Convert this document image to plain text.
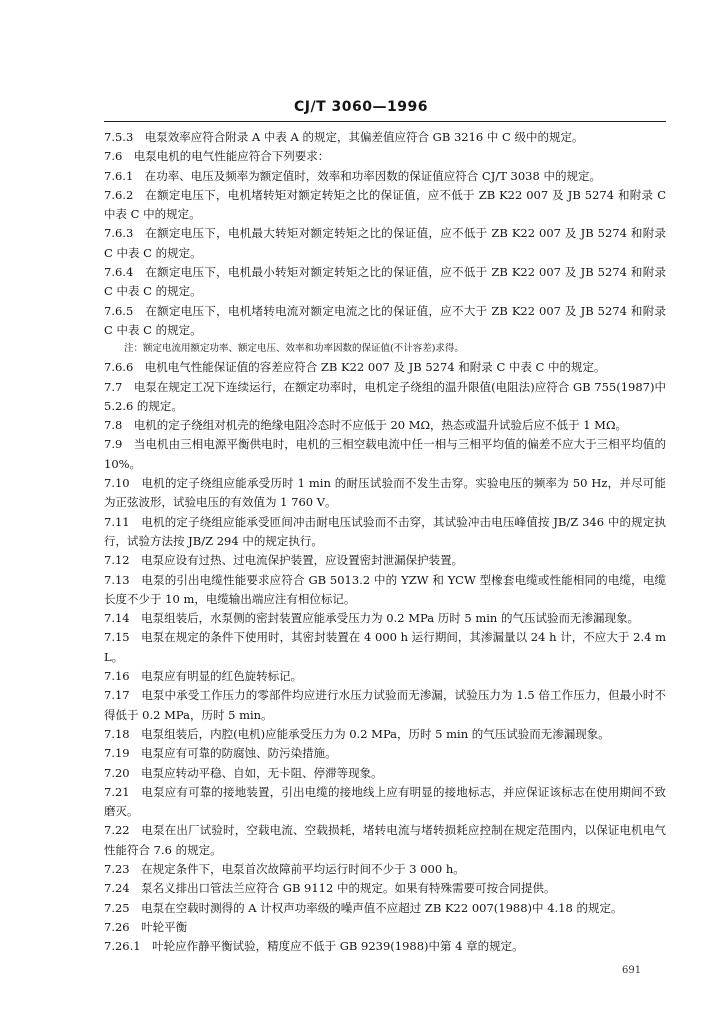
CJ/T 3060—1996

7.5.3　电泵效率应符合附录 A 中表 A 的规定，其偏差值应符合 GB 3216 中 C 级中的规定。

7.6　电泵电机的电气性能应符合下列要求：

7.6.1　在功率、电压及频率为额定值时，效率和功率因数的保证值应符合 CJ/T 3038 中的规定。

7.6.2　在额定电压下，电机堵转矩对额定转矩之比的保证值，应不低于 ZB K22 007 及 JB 5274 和附录 C 中表 C 中的规定。

7.6.3　在额定电压下，电机最大转矩对额定转矩之比的保证值，应不低于 ZB K22 007 及 JB 5274 和附录 C 中表 C 的规定。

7.6.4　在额定电压下，电机最小转矩对额定转矩之比的保证值，应不低于 ZB K22 007 及 JB 5274 和附录 C 中表 C 的规定。

7.6.5　在额定电压下，电机堵转电流对额定电流之比的保证值，应不大于 ZB K22 007 及 JB 5274 和附录 C 中表 C 的规定。

注：额定电流用额定功率、额定电压、效率和功率因数的保证值(不计容差)求得。

7.6.6　电机电气性能保证值的容差应符合 ZB K22 007 及 JB 5274 和附录 C 中表 C 中的规定。

7.7　电泵在规定工况下连续运行，在额定功率时，电机定子绕组的温升限值(电阻法)应符合 GB 755(1987)中 5.2.6 的规定。

7.8　电机的定子绕组对机壳的绝缘电阻冷态时不应低于 20 MΩ，热态或温升试验后应不低于 1 MΩ。

7.9　当电机由三相电源平衡供电时，电机的三相空载电流中任一相与三相平均值的偏差不应大于三相平均值的 10%。

7.10　电机的定子绕组应能承受历时 1 min 的耐压试验而不发生击穿。实验电压的频率为 50 Hz，并尽可能为正弦波形，试验电压的有效值为 1 760 V。

7.11　电机的定子绕组应能承受匝间冲击耐电压试验而不击穿，其试验冲击电压峰值按 JB/Z 346 中的规定执行，试验方法按 JB/Z 294 中的规定执行。

7.12　电泵应设有过热、过电流保护装置，应设置密封泄漏保护装置。

7.13　电泵的引出电缆性能要求应符合 GB 5013.2 中的 YZW 和 YCW 型橡套电缆或性能相同的电缆，电缆长度不少于 10 m，电缆输出端应注有相位标记。

7.14　电泵组装后，水泵侧的密封装置应能承受压力为 0.2 MPa 历时 5 min 的气压试验而无渗漏现象。

7.15　电泵在规定的条件下使用时，其密封装置在 4 000 h 运行期间，其渗漏量以 24 h 计，不应大于 2.4 mL。

7.16　电泵应有明显的红色旋转标记。

7.17　电泵中承受工作压力的零部件均应进行水压力试验而无渗漏，试验压力为 1.5 倍工作压力，但最小时不得低于 0.2 MPa，历时 5 min。

7.18　电泵组装后，内腔(电机)应能承受压力为 0.2 MPa，历时 5 min 的气压试验而无渗漏现象。

7.19　电泵应有可靠的防腐蚀、防污染措施。

7.20　电泵应转动平稳、自如，无卡阻、停滞等现象。

7.21　电泵应有可靠的接地装置，引出电缆的接地线上应有明显的接地标志，并应保证该标志在使用期间不致磨灭。

7.22　电泵在出厂试验时，空载电流、空载损耗，堵转电流与堵转损耗应控制在规定范围内，以保证电机电气性能符合 7.6 的规定。

7.23　在规定条件下，电泵首次故障前平均运行时间不少于 3 000 h。

7.24　泵名义排出口管法兰应符合 GB 9112 中的规定。如果有特殊需要可按合同提供。

7.25　电泵在空载时测得的 A 计权声功率级的噪声值不应超过 ZB K22 007(1988)中 4.18 的规定。

7.26　叶轮平衡

7.26.1　叶轮应作静平衡试验，精度应不低于 GB 9239(1988)中第 4 章的规定。

691
